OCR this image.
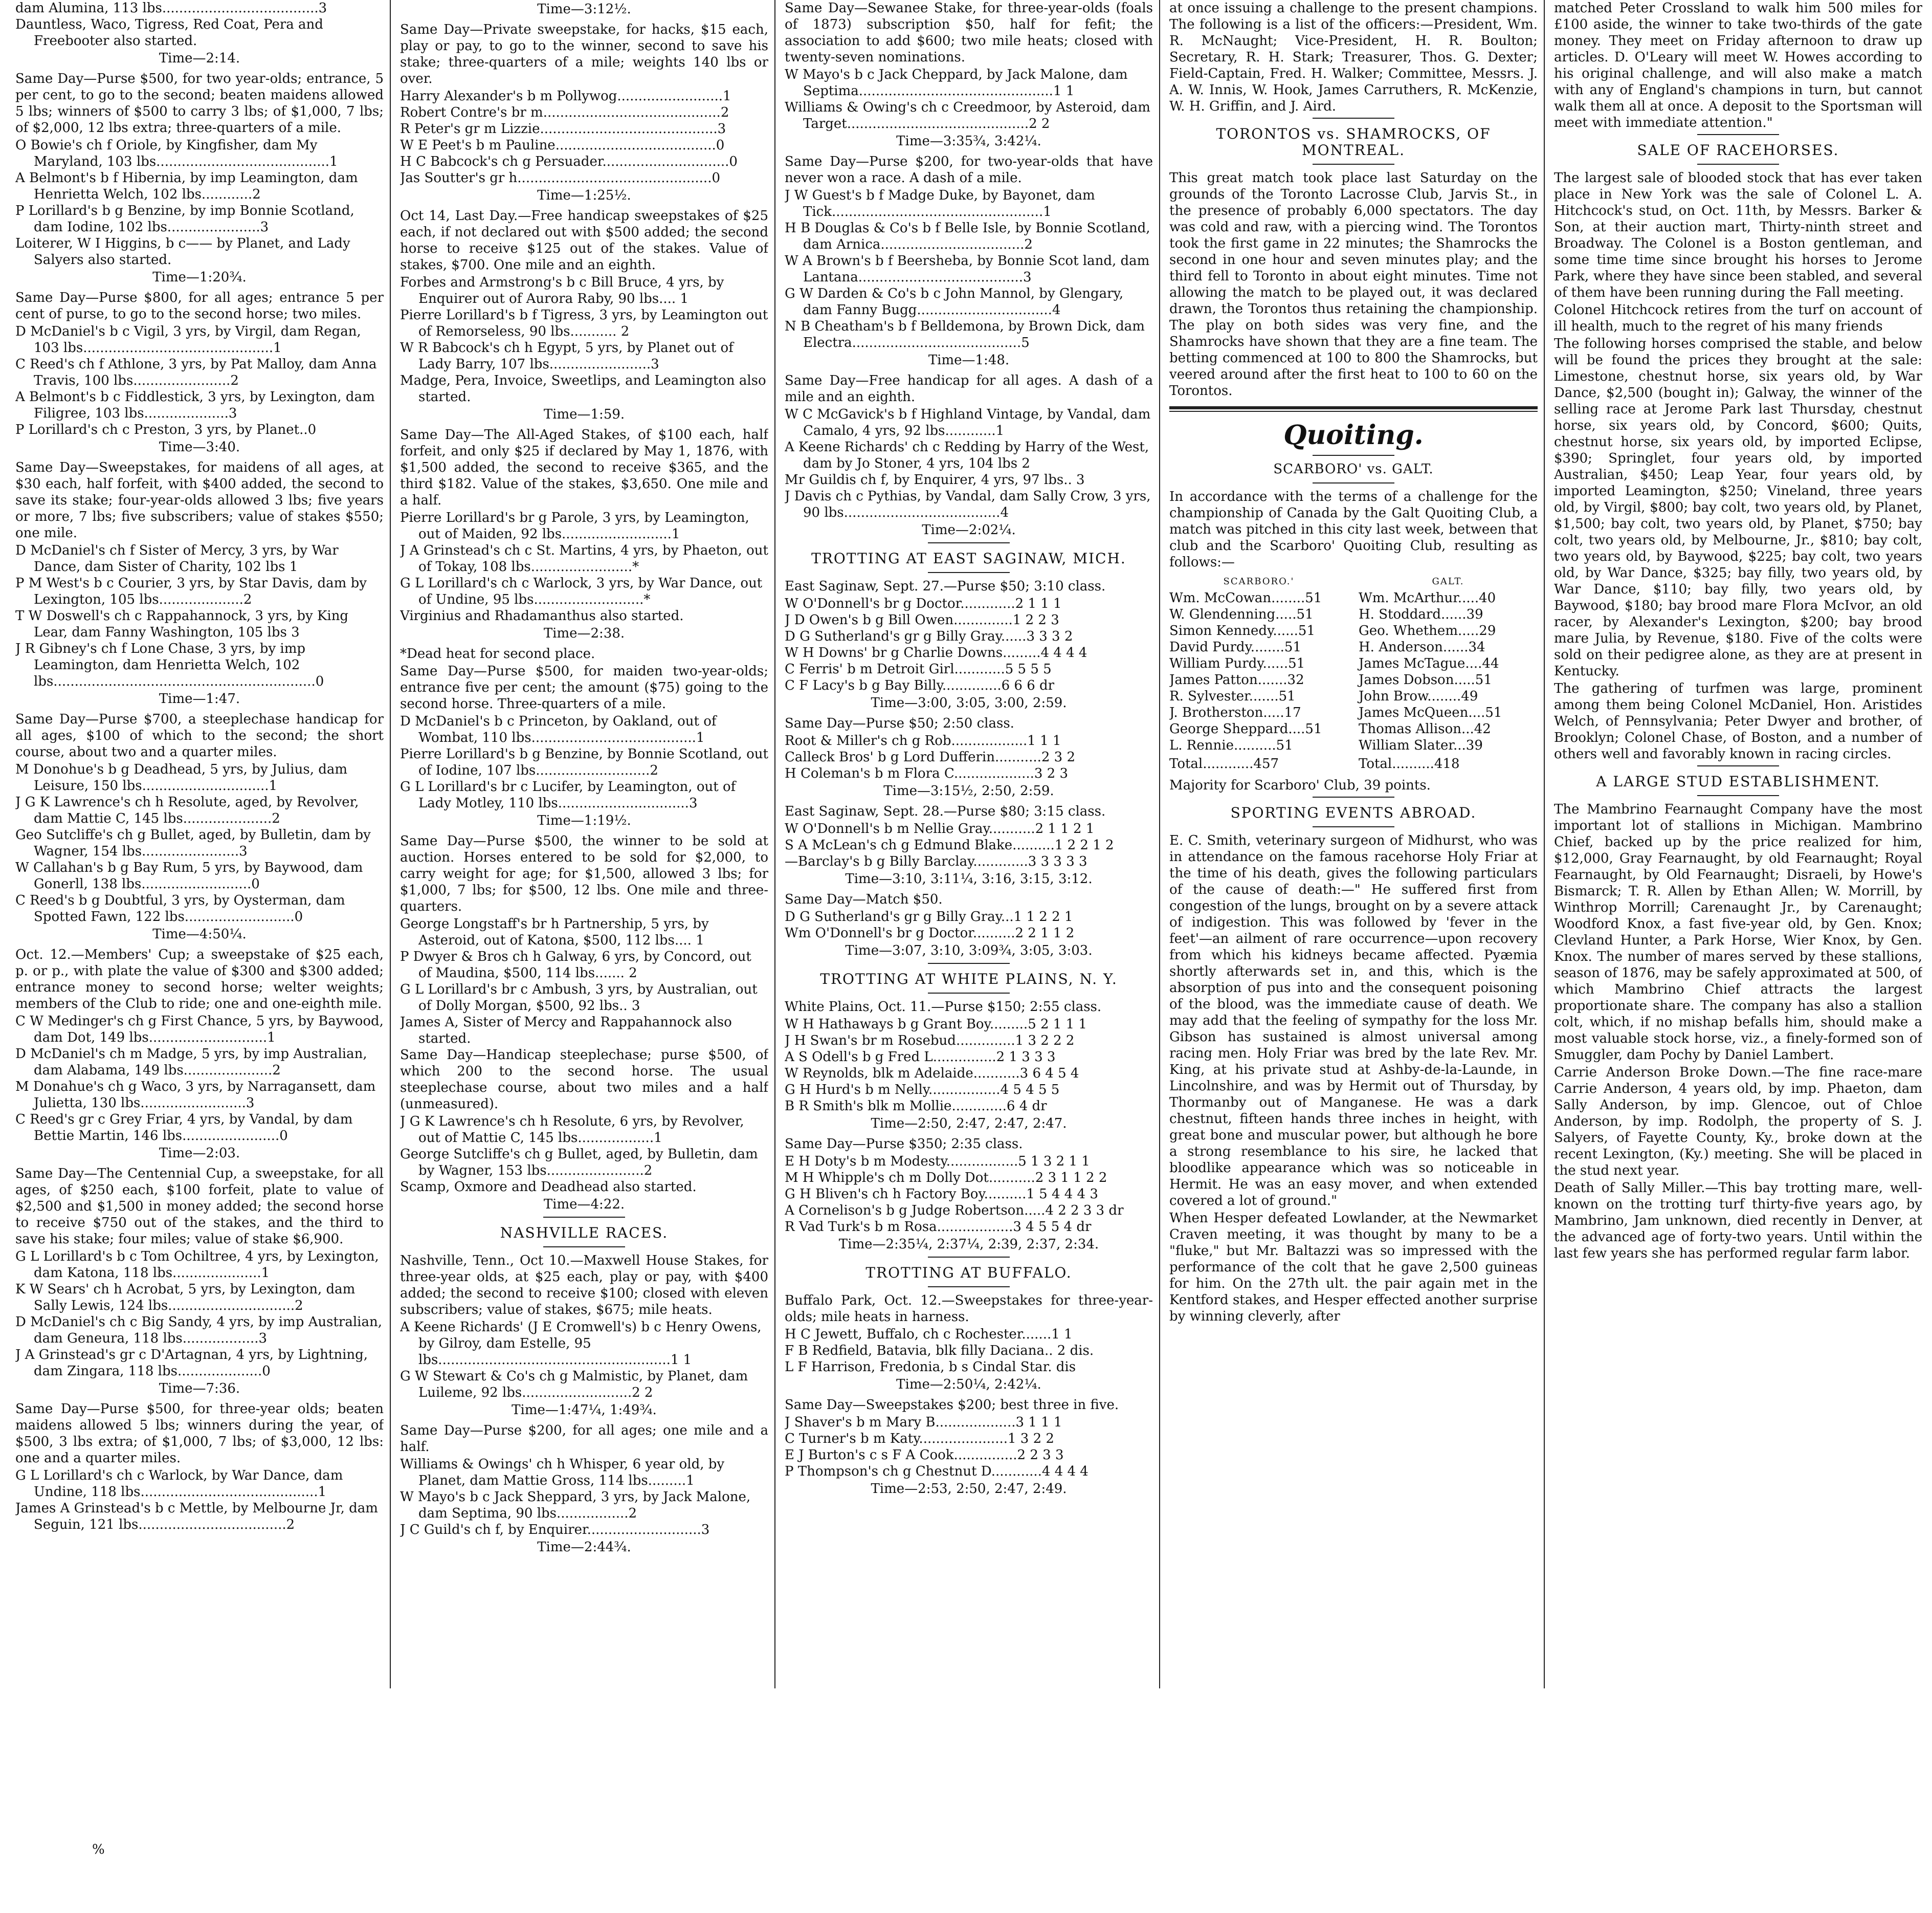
dam Alumina, 113 lbs.....................................3

Dauntless, Waco, Tigress, Red Coat, Pera and Freebooter also started.

Time—2:14.

Same Day—Purse $500, for two year-olds; entrance, 5 per cent, to go to the second; beaten maidens allowed 5 lbs; winners of $500 to carry 3 lbs; of $1,000, 7 lbs; of $2,000, 12 lbs extra; three-quarters of a mile.

O Bowie's ch f Oriole, by Kingfisher, dam My Maryland, 103 lbs.........................................1

A Belmont's b f Hibernia, by imp Leamington, dam Henrietta Welch, 102 lbs............2

P Lorillard's b g Benzine, by imp Bonnie Scotland, dam Iodine, 102 lbs......................3

Loiterer, W I Higgins, b c—— by Planet, and Lady Salyers also started.

Time—1:20¾.

Same Day—Purse $800, for all ages; entrance 5 per cent of purse, to go to the second horse; two miles.

D McDaniel's b c Vigil, 3 yrs, by Virgil, dam Regan, 103 lbs.............................................1

C Reed's ch f Athlone, 3 yrs, by Pat Malloy, dam Anna Travis, 100 lbs.......................2

A Belmont's b c Fiddlestick, 3 yrs, by Lexington, dam Filigree, 103 lbs....................3

P Lorillard's ch c Preston, 3 yrs, by Planet..0

Time—3:40.

Same Day—Sweepstakes, for maidens of all ages, at $30 each, half forfeit, with $400 added, the second to save its stake; four-year-olds allowed 3 lbs; five years or more, 7 lbs; five subscribers; value of stakes $550; one mile.

D McDaniel's ch f Sister of Mercy, 3 yrs, by War Dance, dam Sister of Charity, 102 lbs 1

P M West's b c Courier, 3 yrs, by Star Davis, dam by Lexington, 105 lbs....................2

T W Doswell's ch c Rappahannock, 3 yrs, by King Lear, dam Fanny Washington, 105 lbs 3

J R Gibney's ch f Lone Chase, 3 yrs, by imp Leamington, dam Henrietta Welch, 102 lbs..............................................................0

Time—1:47.

Same Day—Purse $700, a steeplechase handicap for all ages, $100 of which to the second; the short course, about two and a quarter miles.

M Donohue's b g Deadhead, 5 yrs, by Julius, dam Leisure, 150 lbs..............................1

J G K Lawrence's ch h Resolute, aged, by Revolver, dam Mattie C, 145 lbs.....................2

Geo Sutcliffe's ch g Bullet, aged, by Bulletin, dam by Wagner, 154 lbs.......................3

W Callahan's b g Bay Rum, 5 yrs, by Baywood, dam Gonerll, 138 lbs..........................0

C Reed's b g Doubtful, 3 yrs, by Oysterman, dam Spotted Fawn, 122 lbs..........................0

Time—4:50¼.

Oct. 12.—Members' Cup; a sweepstake of $25 each, p. or p., with plate the value of $300 and $300 added; entrance money to second horse; welter weights; members of the Club to ride; one and one-eighth mile.

C W Medinger's ch g First Chance, 5 yrs, by Baywood, dam Dot, 149 lbs............................1

D McDaniel's ch m Madge, 5 yrs, by imp Australian, dam Alabama, 149 lbs.....................2

M Donahue's ch g Waco, 3 yrs, by Narragansett, dam Julietta, 130 lbs.........................3

C Reed's gr c Grey Friar, 4 yrs, by Vandal, by dam Bettie Martin, 146 lbs.......................0

Time—2:03.

Same Day—The Centennial Cup, a sweepstake, for all ages, of $250 each, $100 forfeit, plate to value of $2,500 and $1,500 in money added; the second horse to receive $750 out of the stakes, and the third to save his stake; four miles; value of stake $6,900.

G L Lorillard's b c Tom Ochiltree, 4 yrs, by Lexington, dam Katona, 118 lbs.....................1

K W Sears' ch h Acrobat, 5 yrs, by Lexington, dam Sally Lewis, 124 lbs..............................2

D McDaniel's ch c Big Sandy, 4 yrs, by imp Australian, dam Geneura, 118 lbs..................3

J A Grinstead's gr c D'Artagnan, 4 yrs, by Lightning, dam Zingara, 118 lbs....................0

Time—7:36.

Same Day—Purse $500, for three-year olds; beaten maidens allowed 5 lbs; winners during the year, of $500, 3 lbs extra; of $1,000, 7 lbs; of $3,000, 12 lbs: one and a quarter miles.

G L Lorillard's ch c Warlock, by War Dance, dam Undine, 118 lbs..........................................1

James A Grinstead's b c Mettle, by Melbourne Jr, dam Seguin, 121 lbs...................................2

Time—3:12½.

Same Day—Private sweepstake, for hacks, $15 each, play or pay, to go to the winner, second to save his stake; three-quarters of a mile; weights 140 lbs or over.

Harry Alexander's b m Pollywog.........................1

Robert Contre's br m..........................................2

R Peter's gr m Lizzie..........................................3

W E Peet's b m Pauline......................................0

H C Babcock's ch g Persuader..............................0

Jas Soutter's gr h..............................................0

Time—1:25½.

Oct 14, Last Day.—Free handicap sweepstakes of $25 each, if not declared out with $500 added; the second horse to receive $125 out of the stakes. Value of stakes, $700. One mile and an eighth.

Forbes and Armstrong's b c Bill Bruce, 4 yrs, by Enquirer out of Aurora Raby, 90 lbs.... 1

Pierre Lorillard's b f Tigress, 3 yrs, by Leamington out of Remorseless, 90 lbs........... 2

W R Babcock's ch h Egypt, 5 yrs, by Planet out of Lady Barry, 107 lbs........................3

Madge, Pera, Invoice, Sweetlips, and Leamington also started.

Time—1:59.

Same Day—The All-Aged Stakes, of $100 each, half forfeit, and only $25 if declared by May 1, 1876, with $1,500 added, the second to receive $365, and the third $182. Value of the stakes, $3,650. One mile and a half.

Pierre Lorillard's br g Parole, 3 yrs, by Leamington, out of Maiden, 92 lbs..........................1

J A Grinstead's ch c St. Martins, 4 yrs, by Phaeton, out of Tokay, 108 lbs........................*

G L Lorillard's ch c Warlock, 3 yrs, by War Dance, out of Undine, 95 lbs..........................*

Virginius and Rhadamanthus also started.

Time—2:38.

*Dead heat for second place.

Same Day—Purse $500, for maiden two-year-olds; entrance five per cent; the amount ($75) going to the second horse. Three-quarters of a mile.

D McDaniel's b c Princeton, by Oakland, out of Wombat, 110 lbs.......................................1

Pierre Lorillard's b g Benzine, by Bonnie Scotland, out of Iodine, 107 lbs...........................2

G L Lorillard's br c Lucifer, by Leamington, out of Lady Motley, 110 lbs...............................3

Time—1:19½.

Same Day—Purse $500, the winner to be sold at auction. Horses entered to be sold for $2,000, to carry weight for age; for $1,500, allowed 3 lbs; for $1,000, 7 lbs; for $500, 12 lbs. One mile and three-quarters.

George Longstaff's br h Partnership, 5 yrs, by Asteroid, out of Katona, $500, 112 lbs.... 1

P Dwyer & Bros ch h Galway, 6 yrs, by Concord, out of Maudina, $500, 114 lbs....... 2

G L Lorillard's br c Ambush, 3 yrs, by Australian, out of Dolly Morgan, $500, 92 lbs.. 3

James A, Sister of Mercy and Rappahannock also started.

Same Day—Handicap steeplechase; purse $500, of which 200 to the second horse. The usual steeplechase course, about two miles and a half (unmeasured).

J G K Lawrence's ch h Resolute, 6 yrs, by Revolver, out of Mattie C, 145 lbs..................1

George Sutcliffe's ch g Bullet, aged, by Bulletin, dam by Wagner, 153 lbs.......................2

Scamp, Oxmore and Deadhead also started.

Time—4:22.

NASHVILLE RACES.

Nashville, Tenn., Oct 10.—Maxwell House Stakes, for three-year olds, at $25 each, play or pay, with $400 added; the second to receive $100; closed with eleven subscribers; value of stakes, $675; mile heats.

A Keene Richards' (J E Cromwell's) b c Henry Owens, by Gilroy, dam Estelle, 95 lbs.......................................................1 1

G W Stewart & Co's ch g Malmistic, by Planet, dam Luileme, 92 lbs..........................2 2

Time—1:47¼, 1:49¾.

Same Day—Purse $200, for all ages; one mile and a half.

Williams & Owings' ch h Whisper, 6 year old, by Planet, dam Mattie Gross, 114 lbs.........1

W Mayo's b c Jack Sheppard, 3 yrs, by Jack Malone, dam Septima, 90 lbs.................2

J C Guild's ch f, by Enquirer...........................3

Time—2:44¾.

Same Day—Sewanee Stake, for three-year-olds (foals of 1873) subscription $50, half for fefit; the association to add $600; two mile heats; closed with twenty-seven nominations.

W Mayo's b c Jack Cheppard, by Jack Malone, dam Septima..............................................1 1

Williams & Owing's ch c Creedmoor, by Asteroid, dam Target...........................................2 2

Time—3:35¾, 3:42¼.

Same Day—Purse $200, for two-year-olds that have never won a race. A dash of a mile.

J W Guest's b f Madge Duke, by Bayonet, dam Tick..................................................1

H B Douglas & Co's b f Belle Isle, by Bonnie Scotland, dam Arnica..................................2

W A Brown's b f Beersheba, by Bonnie Scot land, dam Lantana.......................................3

G W Darden & Co's b c John Mannol, by Glengary, dam Fanny Bugg................................4

N B Cheatham's b f Belldemona, by Brown Dick, dam Electra........................................5

Time—1:48.

Same Day—Free handicap for all ages. A dash of a mile and an eighth.

W C McGavick's b f Highland Vintage, by Vandal, dam Camalo, 4 yrs, 92 lbs............1

A Keene Richards' ch c Redding by Harry of the West, dam by Jo Stoner, 4 yrs, 104 lbs 2

Mr Guildis ch f, by Enquirer, 4 yrs, 97 lbs.. 3

J Davis ch c Pythias, by Vandal, dam Sally Crow, 3 yrs, 90 lbs.....................................4

Time—2:02¼.

TROTTING AT EAST SAGINAW, MICH.

East Saginaw, Sept. 27.—Purse $50; 3:10 class.

W O'Donnell's br g Doctor.............2 1 1 1

J D Owen's b g Bill Owen..............1 2 2 3

D G Sutherland's gr g Billy Gray......3 3 3 2

W H Downs' br g Charlie Downs.........4 4 4 4

C Ferris' b m Detroit Girl............5 5 5 5

C F Lacy's b g Bay Billy..............6 6 6 dr

Time—3:00, 3:05, 3:00, 2:59.

Same Day—Purse $50; 2:50 class.

Root & Miller's ch g Rob..................1 1 1

Calleck Bros' b g Lord Dufferin...........2 3 2

H Coleman's b m Flora C...................3 2 3

Time—3:15½, 2:50, 2:59.

East Saginaw, Sept. 28.—Purse $80; 3:15 class.

W O'Donnell's b m Nellie Gray...........2 1 1 2 1

S A McLean's ch g Edmund Blake..........1 2 2 1 2

—Barclay's b g Billy Barclay.............3 3 3 3 3

Time—3:10, 3:11¼, 3:16, 3:15, 3:12.

Same Day—Match $50.

D G Sutherland's gr g Billy Gray...1 1 2 2 1

Wm O'Donnell's br g Doctor..........2 2 1 1 2

Time—3:07, 3:10, 3:09¾, 3:05, 3:03.

TROTTING AT WHITE PLAINS, N. Y.

White Plains, Oct. 11.—Purse $150; 2:55 class.

W H Hathaways b g Grant Boy.........5 2 1 1 1

J H Swan's br m Rosebud..............1 3 2 2 2

A S Odell's b g Fred L...............2 1 3 3 3

W Reynolds, blk m Adelaide...........3 6 4 5 4

G H Hurd's b m Nelly.................4 5 4 5 5

B R Smith's blk m Mollie.............6 4 dr

Time—2:50, 2:47, 2:47, 2:47.

Same Day—Purse $350; 2:35 class.

E H Doty's b m Modesty.................5 1 3 2 1 1

M H Whipple's ch m Dolly Dot...........2 3 1 1 2 2

G H Bliven's ch h Factory Boy..........1 5 4 4 4 3

A Cornelison's b g Judge Robertson.....4 2 2 3 3 dr

R Vad Turk's b m Rosa..................3 4 5 5 4 dr

Time—2:35¼, 2:37¼, 2:39, 2:37, 2:34.

TROTTING AT BUFFALO.

Buffalo Park, Oct. 12.—Sweepstakes for three-year-olds; mile heats in harness.

H C Jewett, Buffalo, ch c Rochester.......1 1

F B Redfield, Batavia, blk filly Daciana.. 2 dis.

L F Harrison, Fredonia, b s Cindal Star. dis

Time—2:50¼, 2:42¼.

Same Day—Sweepstakes $200; best three in five.

J Shaver's b m Mary B...................3 1 1 1

C Turner's b m Katy.....................1 3 2 2

E J Burton's c s F A Cook...............2 2 3 3

P Thompson's ch g Chestnut D............4 4 4 4

Time—2:53, 2:50, 2:47, 2:49.

at once issuing a challenge to the present champions. The following is a list of the officers:—President, Wm. R. McNaught; Vice-President, H. R. Boulton; Secretary, R. H. Stark; Treasurer, Thos. G. Dexter; Field-Captain, Fred. H. Walker; Committee, Messrs. J. A. W. Innis, W. Hook, James Carruthers, R. McKenzie, W. H. Griffin, and J. Aird.

TORONTOS vs. SHAMROCKS, OF MONTREAL.

This great match took place last Saturday on the grounds of the Toronto Lacrosse Club, Jarvis St., in the presence of probably 6,000 spectators. The day was cold and raw, with a piercing wind. The Torontos took the first game in 22 minutes; the Shamrocks the second in one hour and seven minutes play; and the third fell to Toronto in about eight minutes. Time not allowing the match to be played out, it was declared drawn, the Torontos thus retaining the championship. The play on both sides was very fine, and the Shamrocks have shown that they are a fine team. The betting commenced at 100 to 800 the Shamrocks, but veered around after the first heat to 100 to 60 on the Torontos.

Quoiting.

SCARBORO' vs. GALT.

In accordance with the terms of a challenge for the championship of Canada by the Galt Quoiting Club, a match was pitched in this city last week, between that club and the Scarboro' Quoiting Club, resulting as follows:—

SCARBORO.'	GALT.
Wm. McCowan........51	Wm. McArthur.....40
W. Glendenning.....51	H. Stoddard......39
Simon Kennedy......51	Geo. Whethem.....29
David Purdy........51	H. Anderson......34
William Purdy......51	James McTague....44
James Patton.......32	James Dobson.....51
R. Sylvester.......51	John Brow........49
J. Brotherston.....17	James McQueen....51
George Sheppard....51	Thomas Allison...42
L. Rennie..........51	William Slater...39
Total............457	Total..........418

Majority for Scarboro' Club, 39 points.

SPORTING EVENTS ABROAD.

E. C. Smith, veterinary surgeon of Midhurst, who was in attendance on the famous racehorse Holy Friar at the time of his death, gives the following particulars of the cause of death:—" He suffered first from congestion of the lungs, brought on by a severe attack of indigestion. This was followed by 'fever in the feet'—an ailment of rare occurrence—upon recovery from which his kidneys became affected. Pyæmia shortly afterwards set in, and this, which is the absorption of pus into and the consequent poisoning of the blood, was the immediate cause of death. We may add that the feeling of sympathy for the loss Mr. Gibson has sustained is almost universal among racing men. Holy Friar was bred by the late Rev. Mr. King, at his private stud at Ashby-de-la-Launde, in Lincolnshire, and was by Hermit out of Thursday, by Thormanby out of Manganese. He was a dark chestnut, fifteen hands three inches in height, with great bone and muscular power, but although he bore a strong resemblance to his sire, he lacked that bloodlike appearance which was so noticeable in Hermit. He was an easy mover, and when extended covered a lot of ground."

When Hesper defeated Lowlander, at the Newmarket Craven meeting, it was thought by many to be a "fluke," but Mr. Baltazzi was so impressed with the performance of the colt that he gave 2,500 guineas for him. On the 27th ult. the pair again met in the Kentford stakes, and Hesper effected another surprise by winning cleverly, after

matched Peter Crossland to walk him 500 miles for £100 aside, the winner to take two-thirds of the gate money. They meet on Friday afternoon to draw up articles. D. O'Leary will meet W. Howes according to his original challenge, and will also make a match with any of England's champions in turn, but cannot walk them all at once. A deposit to the Sportsman will meet with immediate attention."

SALE OF RACEHORSES.

The largest sale of blooded stock that has ever taken place in New York was the sale of Colonel L. A. Hitchcock's stud, on Oct. 11th, by Messrs. Barker & Son, at their auction mart, Thirty-ninth street and Broadway. The Colonel is a Boston gentleman, and some time time since brought his horses to Jerome Park, where they have since been stabled, and several of them have been running during the Fall meeting.

Colonel Hitchcock retires from the turf on account of ill health, much to the regret of his many friends

The following horses comprised the stable, and below will be found the prices they brought at the sale: Limestone, chestnut horse, six years old, by War Dance, $2,500 (bought in); Galway, the winner of the selling race at Jerome Park last Thursday, chestnut horse, six years old, by Concord, $600; Quits, chestnut horse, six years old, by imported Eclipse, $390; Springlet, four years old, by imported Australian, $450; Leap Year, four years old, by imported Leamington, $250; Vineland, three years old, by Virgil, $800; bay colt, two years old, by Planet, $1,500; bay colt, two years old, by Planet, $750; bay colt, two years old, by Melbourne, Jr., $810; bay colt, two years old, by Baywood, $225; bay colt, two years old, by War Dance, $325; bay filly, two years old, by War Dance, $110; bay filly, two years old, by Baywood, $180; bay brood mare Flora McIvor, an old racer, by Alexander's Lexington, $200; bay brood mare Julia, by Revenue, $180. Five of the colts were sold on their pedigree alone, as they are at present in Kentucky.

The gathering of turfmen was large, prominent among them being Colonel McDaniel, Hon. Aristides Welch, of Pennsylvania; Peter Dwyer and brother, of Brooklyn; Colonel Chase, of Boston, and a number of others well and favorably known in racing circles.

A LARGE STUD ESTABLISHMENT.

The Mambrino Fearnaught Company have the most important lot of stallions in Michigan. Mambrino Chief, backed up by the price realized for him, $12,000, Gray Fearnaught, by old Fearnaught; Royal Fearnaught, by Old Fearnaught; Disraeli, by Howe's Bismarck; T. R. Allen by Ethan Allen; W. Morrill, by Winthrop Morrill; Carenaught Jr., by Carenaught; Woodford Knox, a fast five-year old, by Gen. Knox; Clevland Hunter, a Park Horse, Wier Knox, by Gen. Knox. The number of mares served by these stallions, season of 1876, may be safely approximated at 500, of which Mambrino Chief attracts the largest proportionate share. The company has also a stallion colt, which, if no mishap befalls him, should make a most valuable stock horse, viz., a finely-formed son of Smuggler, dam Pochy by Daniel Lambert.

Carrie Anderson Broke Down.—The fine race-mare Carrie Anderson, 4 years old, by imp. Phaeton, dam Sally Anderson, by imp. Glencoe, out of Chloe Anderson, by imp. Rodolph, the property of S. J. Salyers, of Fayette County, Ky., broke down at the recent Lexington, (Ky.) meeting. She will be placed in the stud next year.

Death of Sally Miller.—This bay trotting mare, well-known on the trotting turf thirty-five years ago, by Mambrino, Jam unknown, died recently in Denver, at the advanced age of forty-two years. Until within the last few years she has performed regular farm labor.

%
